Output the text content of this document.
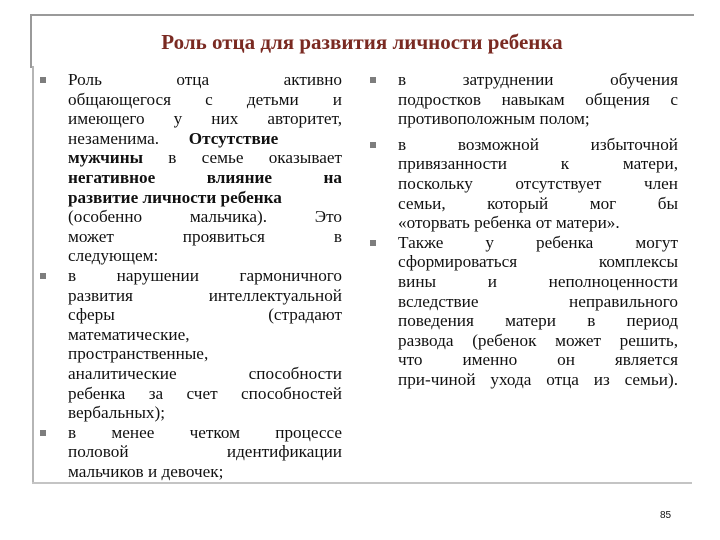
Роль отца для развития личности ребенка
Роль отца активно
общающегося с детьми и
имеющего у них авторитет,
незаменима. Отсутствие
мужчины в семье оказывает
негативное влияние на
развитие личности ребенка
(особенно мальчика). Это
может проявиться в
следующем:
в нарушении гармоничного
развития интеллектуальной
сферы (страдают
математические,
пространственные,
аналитические способности
ребенка за счет способностей
вербальных);
в менее четком процессе
половой идентификации
мальчиков и девочек;
в затруднении обучения
подростков навыкам общения с
противоположным полом;
в возможной избыточной
привязанности к матери,
поскольку отсутствует член
семьи, который мог бы
«оторвать ребенка от матери».
Также у ребенка могут
сформироваться комплексы
вины и неполноценности
вследствие неправильного
поведения матери в период
развода (ребенок может решить,
что именно он является
при-чиной ухода отца из семьи).
85
